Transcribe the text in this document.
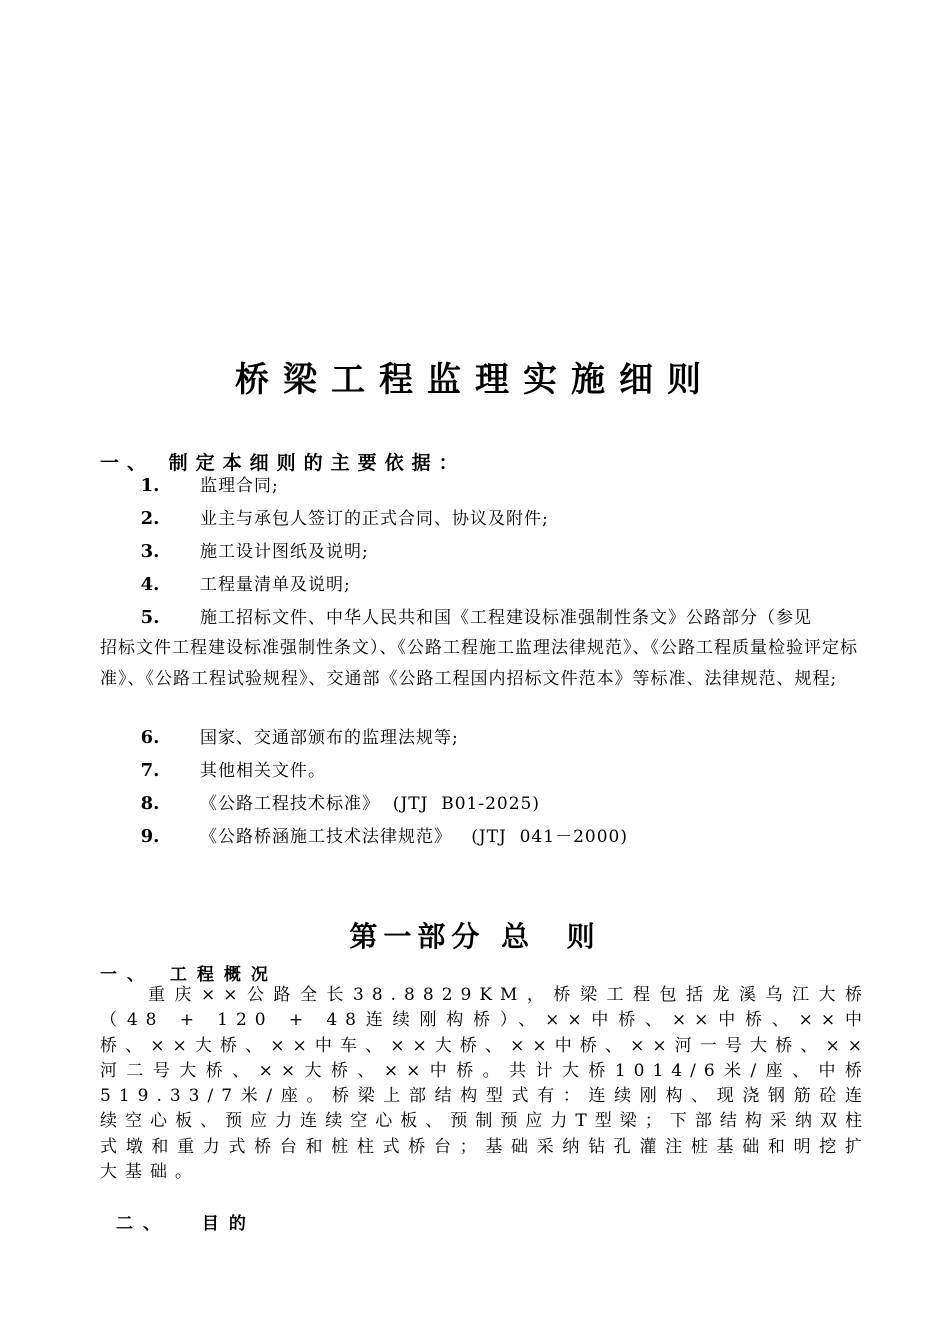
桥梁工程监理实施细则
一、 制定本细则的主要依据：
1. 监理合同;
2. 业主与承包人签订的正式合同、协议及附件;
3. 施工设计图纸及说明;
4. 工程量清单及说明;
5. 施工招标文件、中华人民共和国《工程建设标准强制性条文》公路部分（参见
招标文件工程建设标准强制性条文）、《公路工程施工监理法律规范》、《公路工程质量检验评定标准》、《公路工程试验规程》、交通部《公路工程国内招标文件范本》等标准、法律规范、规程;
6. 国家、交通部颁布的监理法规等;
7. 其他相关文件。
8. 《公路工程技术标准》  (JTJ  B01-2025)
9. 《公路桥涵施工技术法律规范》   (JTJ  041－2000)
第一部分 总  则
一、 工程概况
重庆××公路全长38.8829KM，桥梁工程包括龙溪乌江大桥（48 + 120 + 48连续刚构桥）、××中桥、××中桥、××中桥、××大桥、××中车、××大桥、××中桥、××河一号大桥、××河二号大桥、××大桥、××中桥。共计大桥1014/6米/座、中桥519.33/7米/座。桥梁上部结构型式有：连续刚构、现浇钢筋砼连续空心板、预应力连续空心板、预制预应力T型梁；下部结构采纳双柱式墩和重力式桥台和桩柱式桥台；基础采纳钻孔灌注桩基础和明挖扩大基础。
二、  目的
